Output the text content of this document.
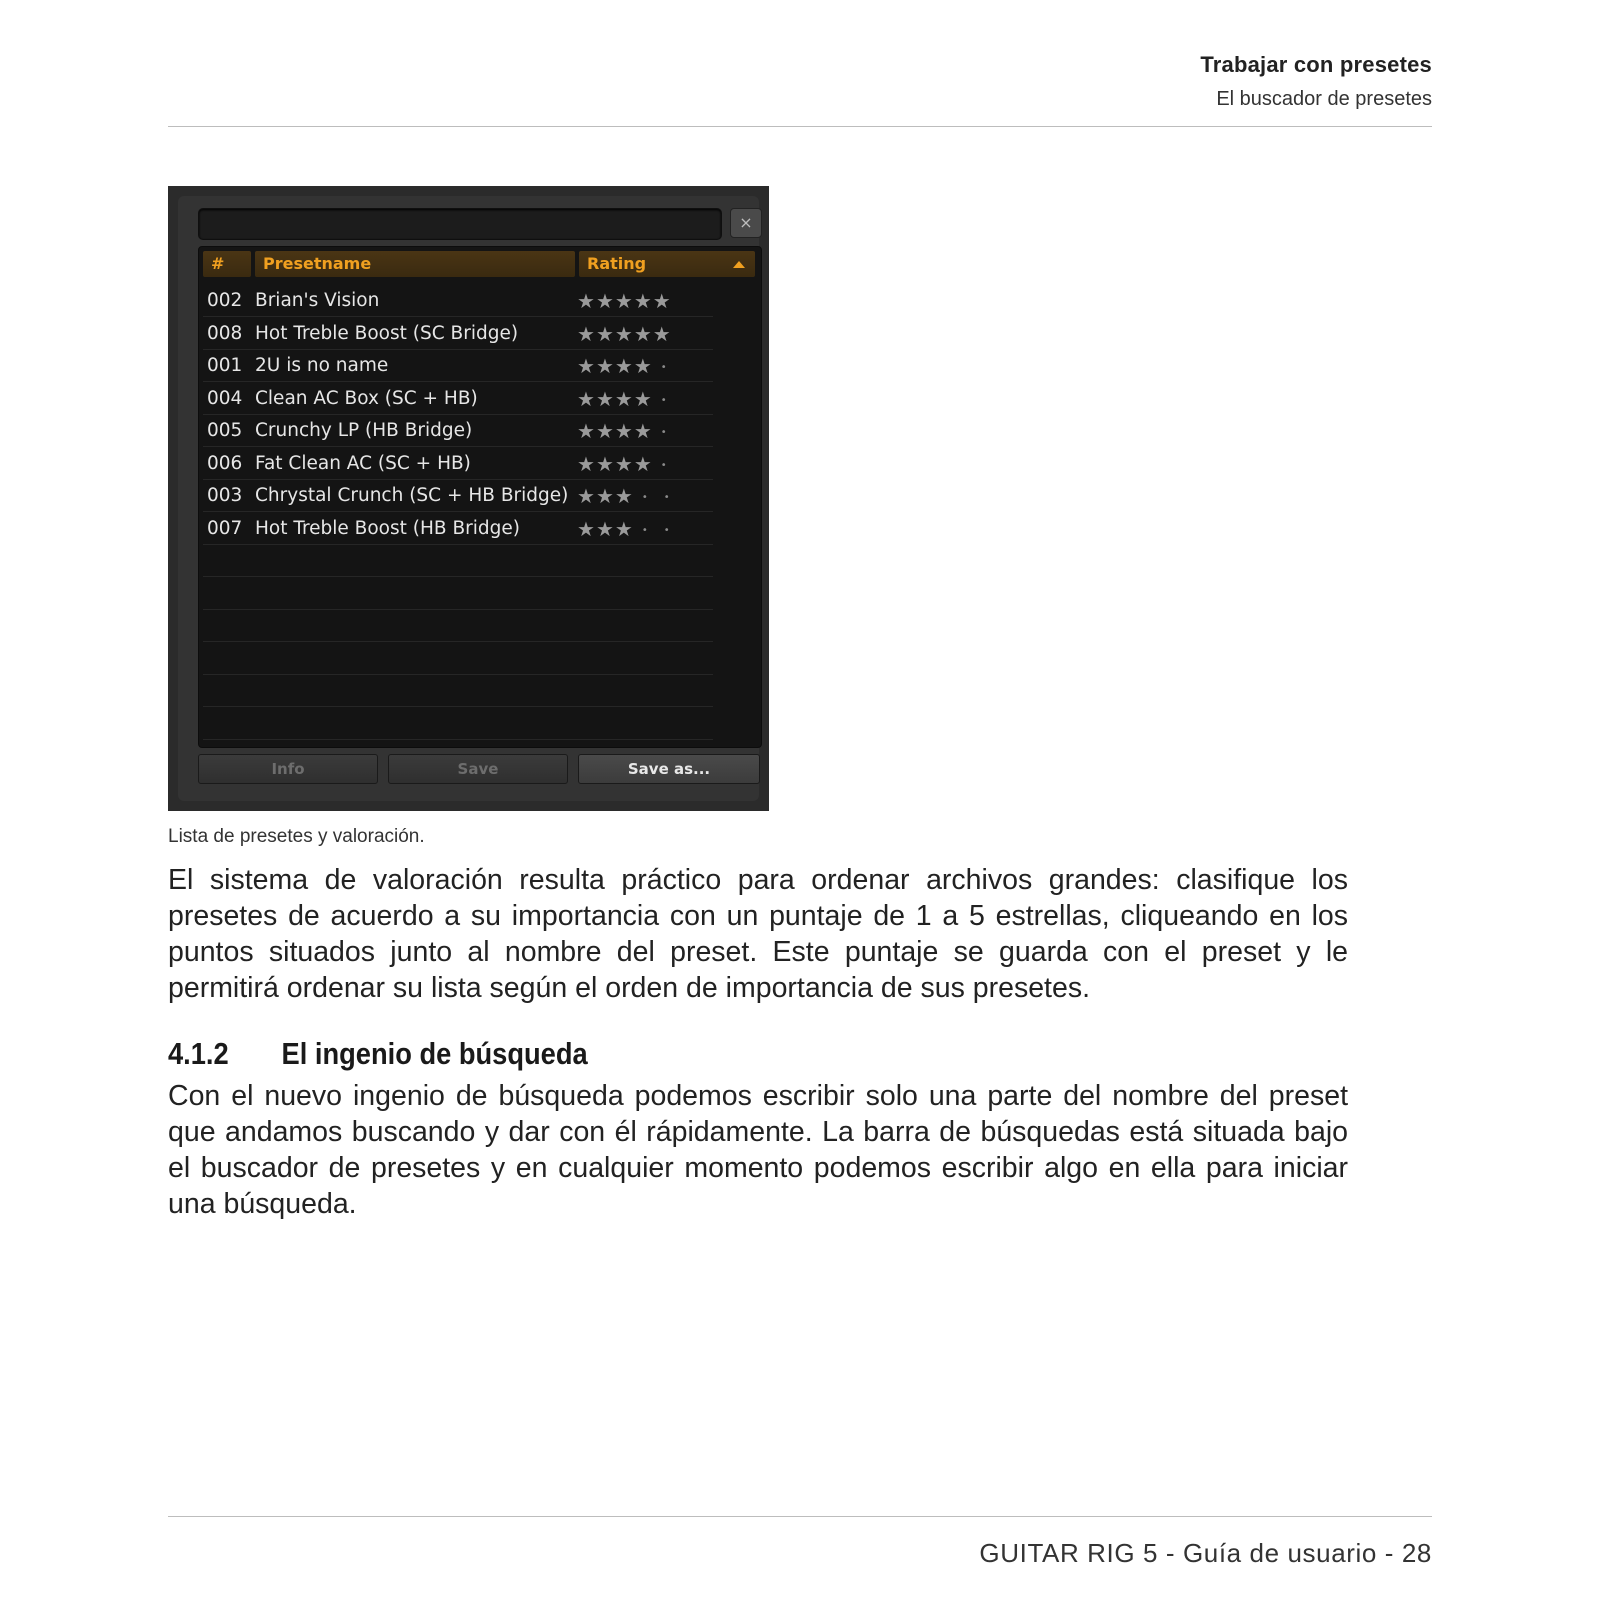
Trabajar con presetes
El buscador de presetes
×
#	Presetname	Rating
002 Brian's Vision	★★★★★
008 Hot Treble Boost (SC Bridge)	★★★★★
001 2U is no name	★★★★ •
004 Clean AC Box (SC + HB)	★★★★ •
005 Crunchy LP (HB Bridge)	★★★★ •
006 Fat Clean AC (SC + HB)	★★★★ •
003 Chrystal Crunch (SC + HB Bridge) ★★★ • •
007 Hot Treble Boost (HB Bridge)	★★★ • •
Info	Save	Save as...
Lista de presetes y valoración.
El sistema de valoración resulta práctico para ordenar archivos grandes: clasifique los presetes de acuerdo a su importancia con un puntaje de 1 a 5 estrellas, cliqueando en los puntos situados junto al nombre del preset. Este puntaje se guarda con el preset y le permitirá ordenar su lista según el orden de importancia de sus presetes.
4.1.2 El ingenio de búsqueda
Con el nuevo ingenio de búsqueda podemos escribir solo una parte del nombre del preset que andamos buscando y dar con él rápidamente. La barra de búsquedas está situada bajo el buscador de presetes y en cualquier momento podemos escribir algo en ella para iniciar una búsqueda.
GUITAR RIG 5 - Guía de usuario - 28
